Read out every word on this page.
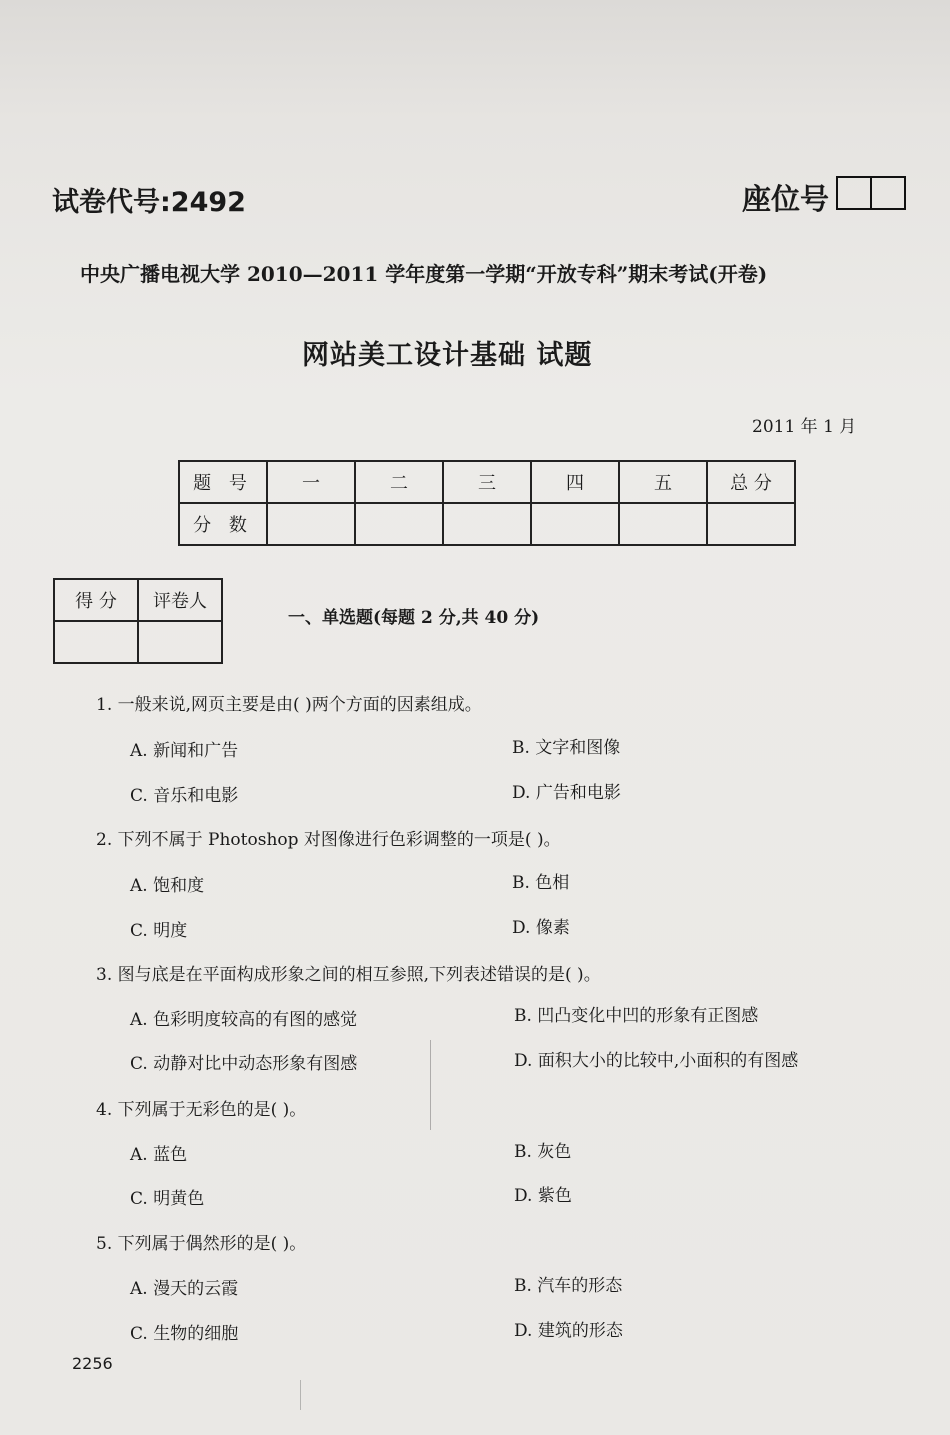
试卷代号:2492	座位号
中央广播电视大学 2010—2011 学年度第一学期“开放专科”期末考试(开卷)
网站美工设计基础 试题
2011 年 1 月
题 号	一	二	三	四	五	总 分
分 数						
得 分	评卷人

一、单选题(每题 2 分,共 40 分)
1. 一般来说,网页主要是由( )两个方面的因素组成。
A. 新闻和广告	B. 文字和图像
C. 音乐和电影	D. 广告和电影
2. 下列不属于 Photoshop 对图像进行色彩调整的一项是( )。
A. 饱和度	B. 色相
C. 明度	D. 像素
3. 图与底是在平面构成形象之间的相互参照,下列表述错误的是( )。
A. 色彩明度较高的有图的感觉	B. 凹凸变化中凹的形象有正图感
C. 动静对比中动态形象有图感	D. 面积大小的比较中,小面积的有图感
4. 下列属于无彩色的是( )。
A. 蓝色	B. 灰色
C. 明黄色	D. 紫色
5. 下列属于偶然形的是( )。
A. 漫天的云霞	B. 汽车的形态
C. 生物的细胞	D. 建筑的形态
2256
